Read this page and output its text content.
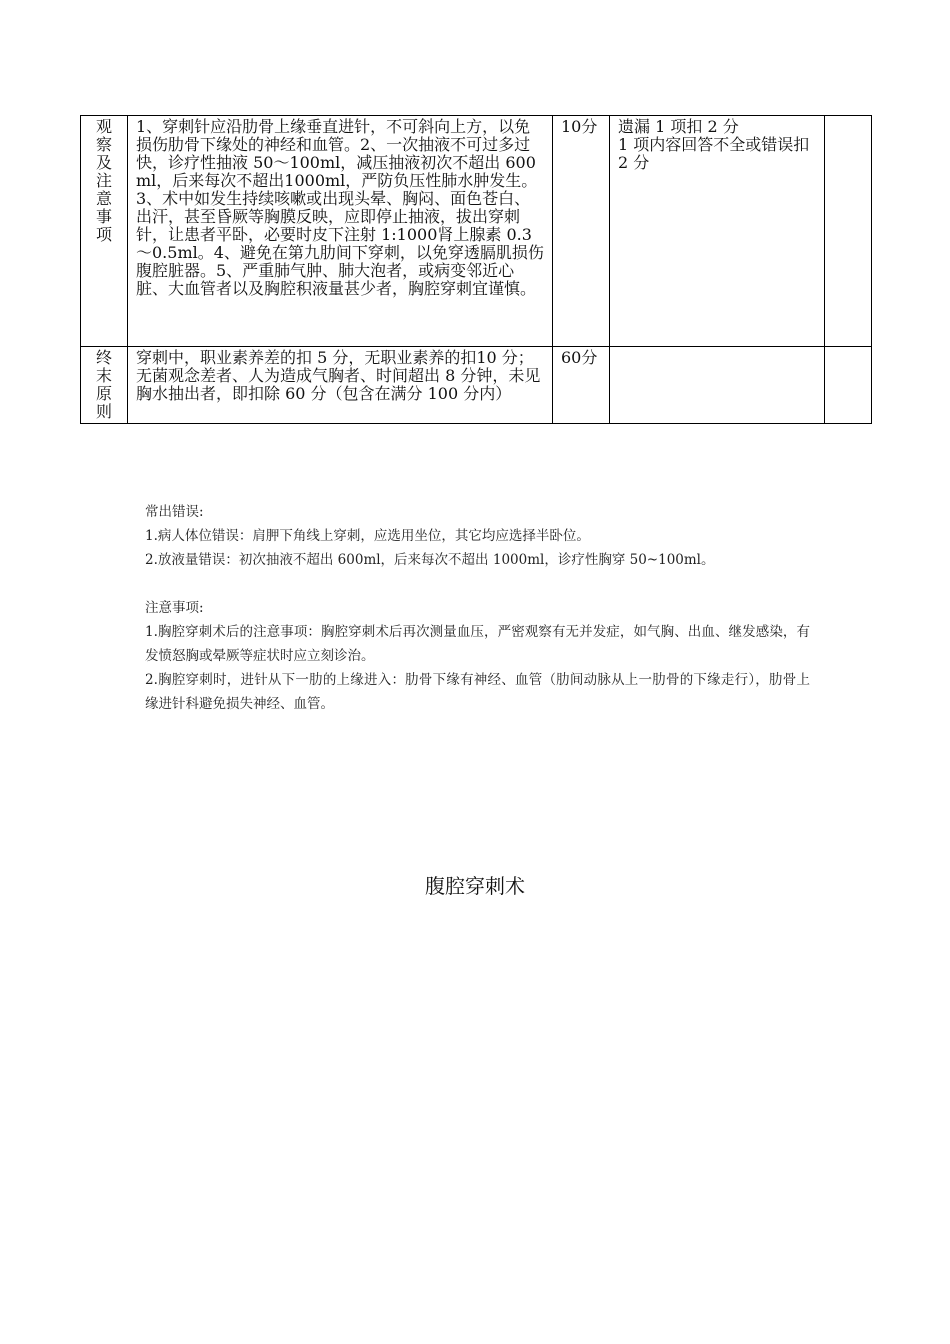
观察及注意事项	1、穿刺针应沿肋骨上缘垂直进针，不可斜向上方，以免损伤肋骨下缘处的神经和血管。2、一次抽液不可过多过快，诊疗性抽液 50～100ml，减压抽液初次不超出 600ml，后来每次不超出1000ml，严防负压性肺水肿发生。3、术中如发生持续咳嗽或出现头晕、胸闷、面色苍白、出汗，甚至昏厥等胸膜反映，应即停止抽液，拔出穿刺针，让患者平卧，必要时皮下注射 1:1000肾上腺素 0.3～0.5ml。4、避免在第九肋间下穿刺，以免穿透膈肌损伤腹腔脏器。5、严重肺气肿、肺大泡者，或病变邻近心脏、大血管者以及胸腔积液量甚少者，胸腔穿刺宜谨慎。	10分	遗漏 1 项扣 2 分
1 项内容回答不全或错误扣 2 分	

终末原则	穿刺中，职业素养差的扣 5 分，无职业素养的扣10 分；无菌观念差者、人为造成气胸者、时间超出 8 分钟，未见胸水抽出者，即扣除 60 分（包含在满分 100 分内）	60分		

常出错误:

1.病人体位错误：肩胛下角线上穿刺，应选用坐位，其它均应选择半卧位。

2.放液量错误：初次抽液不超出 600ml，后来每次不超出 1000ml，诊疗性胸穿 50~100ml。

注意事项:

1.胸腔穿刺术后的注意事项：胸腔穿刺术后再次测量血压，严密观察有无并发症，如气胸、出血、继发感染，有发愤怒胸或晕厥等症状时应立刻诊治。

2.胸腔穿刺时，进针从下一肋的上缘进入：肋骨下缘有神经、血管（肋间动脉从上一肋骨的下缘走行），肋骨上缘进针科避免损失神经、血管。

腹腔穿刺术
